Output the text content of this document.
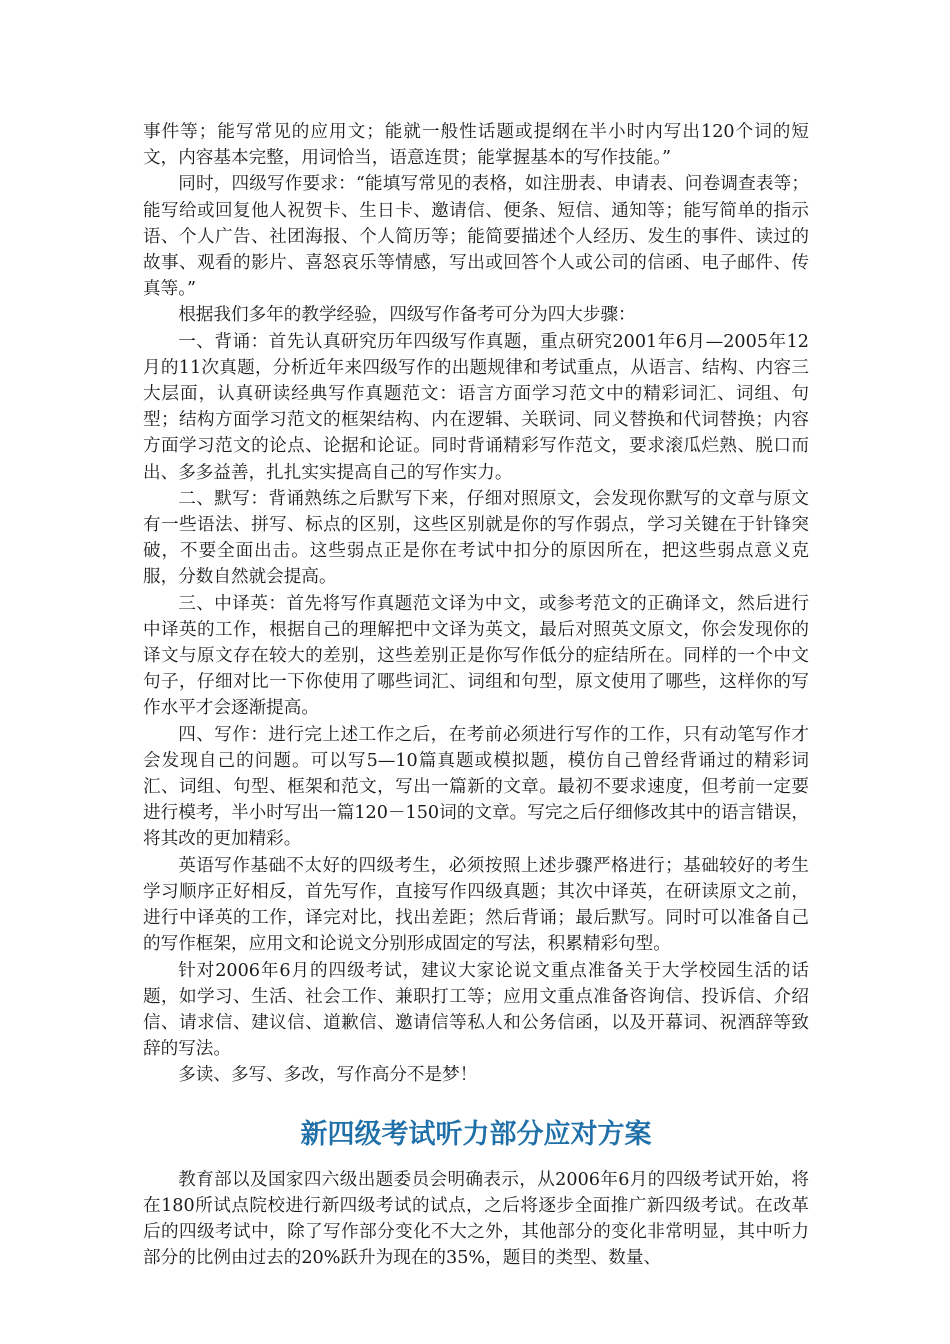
事件等；能写常见的应用文；能就一般性话题或提纲在半小时内写出120个词的短文，内容基本完整，用词恰当，语意连贯；能掌握基本的写作技能。”

同时，四级写作要求：“能填写常见的表格，如注册表、申请表、问卷调查表等；能写给或回复他人祝贺卡、生日卡、邀请信、便条、短信、通知等；能写简单的指示语、个人广告、社团海报、个人简历等；能简要描述个人经历、发生的事件、读过的故事、观看的影片、喜怒哀乐等情感，写出或回答个人或公司的信函、电子邮件、传真等。”

根据我们多年的教学经验，四级写作备考可分为四大步骤：

一、背诵：首先认真研究历年四级写作真题，重点研究2001年6月—2005年12月的11次真题，分析近年来四级写作的出题规律和考试重点，从语言、结构、内容三大层面，认真研读经典写作真题范文：语言方面学习范文中的精彩词汇、词组、句型；结构方面学习范文的框架结构、内在逻辑、关联词、同义替换和代词替换；内容方面学习范文的论点、论据和论证。同时背诵精彩写作范文，要求滚瓜烂熟、脱口而出、多多益善，扎扎实实提高自己的写作实力。

二、默写：背诵熟练之后默写下来，仔细对照原文，会发现你默写的文章与原文有一些语法、拼写、标点的区别，这些区别就是你的写作弱点，学习关键在于针锋突破，不要全面出击。这些弱点正是你在考试中扣分的原因所在，把这些弱点意义克服，分数自然就会提高。

三、中译英：首先将写作真题范文译为中文，或参考范文的正确译文，然后进行中译英的工作，根据自己的理解把中文译为英文，最后对照英文原文，你会发现你的译文与原文存在较大的差别，这些差别正是你写作低分的症结所在。同样的一个中文句子，仔细对比一下你使用了哪些词汇、词组和句型，原文使用了哪些，这样你的写作水平才会逐渐提高。

四、写作：进行完上述工作之后，在考前必须进行写作的工作，只有动笔写作才会发现自己的问题。可以写5—10篇真题或模拟题，模仿自己曾经背诵过的精彩词汇、词组、句型、框架和范文，写出一篇新的文章。最初不要求速度，但考前一定要进行模考，半小时写出一篇120－150词的文章。写完之后仔细修改其中的语言错误，将其改的更加精彩。

英语写作基础不太好的四级考生，必须按照上述步骤严格进行；基础较好的考生学习顺序正好相反，首先写作，直接写作四级真题；其次中译英，在研读原文之前，进行中译英的工作，译完对比，找出差距；然后背诵；最后默写。同时可以准备自己的写作框架，应用文和论说文分别形成固定的写法，积累精彩句型。

针对2006年6月的四级考试，建议大家论说文重点准备关于大学校园生活的话题，如学习、生活、社会工作、兼职打工等；应用文重点准备咨询信、投诉信、介绍信、请求信、建议信、道歉信、邀请信等私人和公务信函，以及开幕词、祝酒辞等致辞的写法。

多读、多写、多改，写作高分不是梦！

新四级考试听力部分应对方案

教育部以及国家四六级出题委员会明确表示，从2006年6月的四级考试开始，将在180所试点院校进行新四级考试的试点，之后将逐步全面推广新四级考试。在改革后的四级考试中，除了写作部分变化不大之外，其他部分的变化非常明显，其中听力部分的比例由过去的20%跃升为现在的35%，题目的类型、数量、
